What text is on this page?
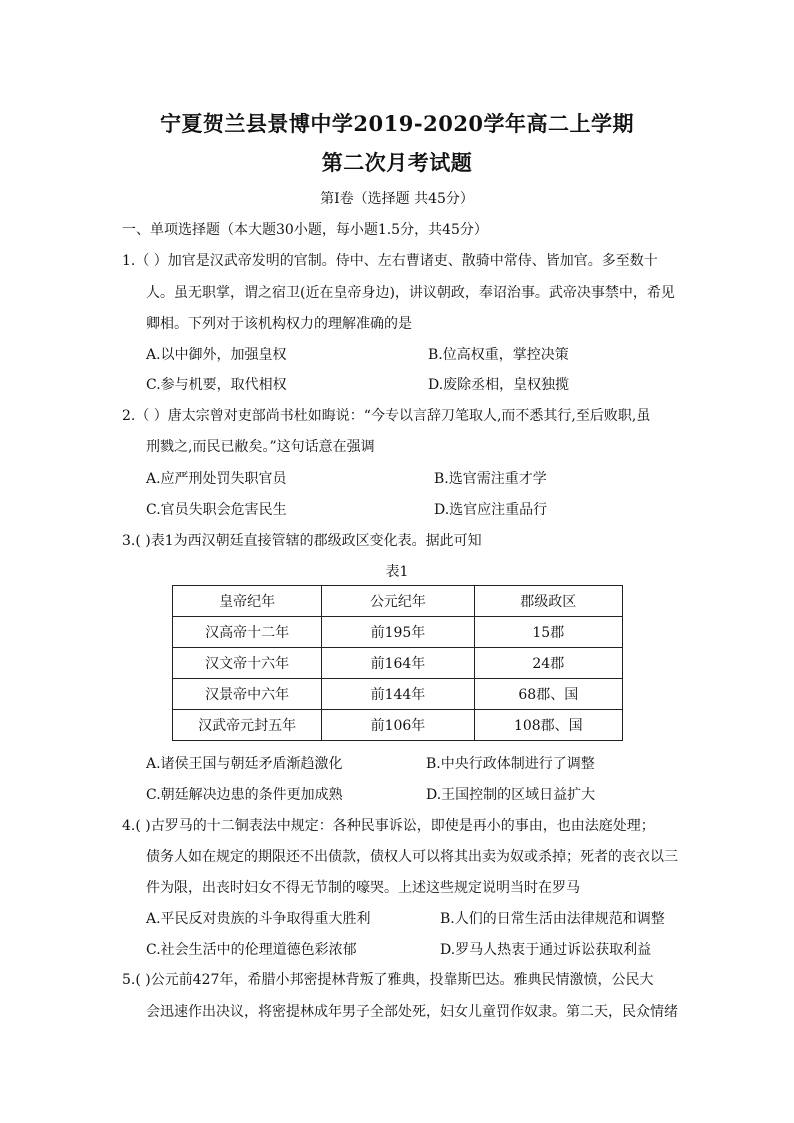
宁夏贺兰县景博中学2019-2020学年高二上学期
第二次月考试题
第Ⅰ卷（选择题 共45分）
一、单项选择题（本大题30小题，每小题1.5分，共45分）
1.（ ）加官是汉武帝发明的官制。侍中、左右曹诸吏、散骑中常侍、皆加官。多至数十
人。虽无职掌，谓之宿卫(近在皇帝身边)，讲议朝政，奉诏治事。武帝决事禁中，希见
卿相。下列对于该机构权力的理解准确的是
A.以中御外，加强皇权	B.位高权重，掌控决策
C.参与机要，取代相权	D.废除丞相，皇权独揽
2.（ ）唐太宗曾对吏部尚书杜如晦说：“今专以言辞刀笔取人,而不悉其行,至后败职,虽
刑戮之,而民已敝矣。”这句话意在强调
A.应严刑处罚失职官员	B.选官需注重才学
C.官员失职会危害民生	D.选官应注重品行
3.( )表1为西汉朝廷直接管辖的郡级政区变化表。据此可知
表1
皇帝纪年	公元纪年	郡级政区
汉高帝十二年	前195年	15郡
汉文帝十六年	前164年	24郡
汉景帝中六年	前144年	68郡、国
汉武帝元封五年	前106年	108郡、国
A.诸侯王国与朝廷矛盾渐趋激化	B.中央行政体制进行了调整
C.朝廷解决边患的条件更加成熟	D.王国控制的区域日益扩大
4.( )古罗马的十二铜表法中规定：各种民事诉讼，即使是再小的事由，也由法庭处理；
债务人如在规定的期限还不出债款，债权人可以将其出卖为奴或杀掉；死者的丧衣以三
件为限，出丧时妇女不得无节制的嚎哭。上述这些规定说明当时在罗马
A.平民反对贵族的斗争取得重大胜利	B.人们的日常生活由法律规范和调整
C.社会生活中的伦理道德色彩浓郁	D.罗马人热衷于通过诉讼获取利益
5.( )公元前427年，希腊小邦密提林背叛了雅典，投靠斯巴达。雅典民情激愤，公民大
会迅速作出决议，将密提林成年男子全部处死，妇女儿童罚作奴隶。第二天，民众情绪
